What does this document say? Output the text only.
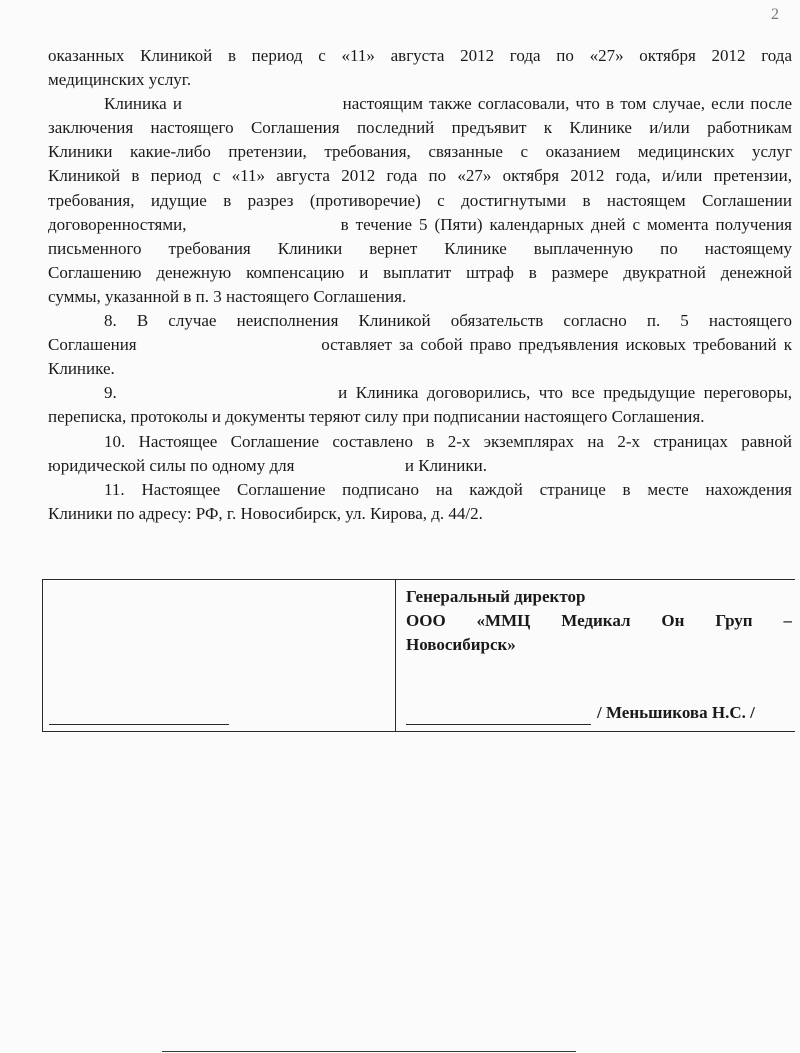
2
оказанных Клиникой в период с «11» августа 2012 года по «27» октября 2012 года
медицинских услуг.
Клиника и                          настоящим также согласовали, что в том случае, если после
заключения настоящего Соглашения последний предъявит к Клинике и/или работникам
Клиники какие-либо претензии, требования, связанные с оказанием медицинских услуг
Клиникой в период с «11» августа 2012 года по «27» октября 2012 года, и/или претензии,
требования, идущие в разрез (противоречие) с достигнутыми в настоящем Соглашении
договоренностями,                      в течение 5 (Пяти) календарных дней с момента получения
письменного требования Клиники вернет Клинике выплаченную по настоящему
Соглашению денежную компенсацию и выплатит штраф в размере двукратной денежной
суммы, указанной в п. 3 настоящего Соглашения.
8. В случае неисполнения Клиникой обязательств согласно п. 5 настоящего
Соглашения                          оставляет за собой право предъявления исковых требований к
Клинике.
9.                          и Клиника договорились, что все предыдущие переговоры,
переписка, протоколы и документы теряют силу при подписании настоящего Соглашения.
10. Настоящее Соглашение составлено в 2-х экземплярах на 2-х страницах равной
юридической силы по одному для                          и Клиники.
11. Настоящее Соглашение подписано на каждой странице в месте нахождения
Клиники по адресу: РФ, г. Новосибирск, ул. Кирова, д. 44/2.
Генеральный директор
ООО «ММЦ Медикал Он Груп –
Новосибирск»
/ Меньшикова Н.С. /
